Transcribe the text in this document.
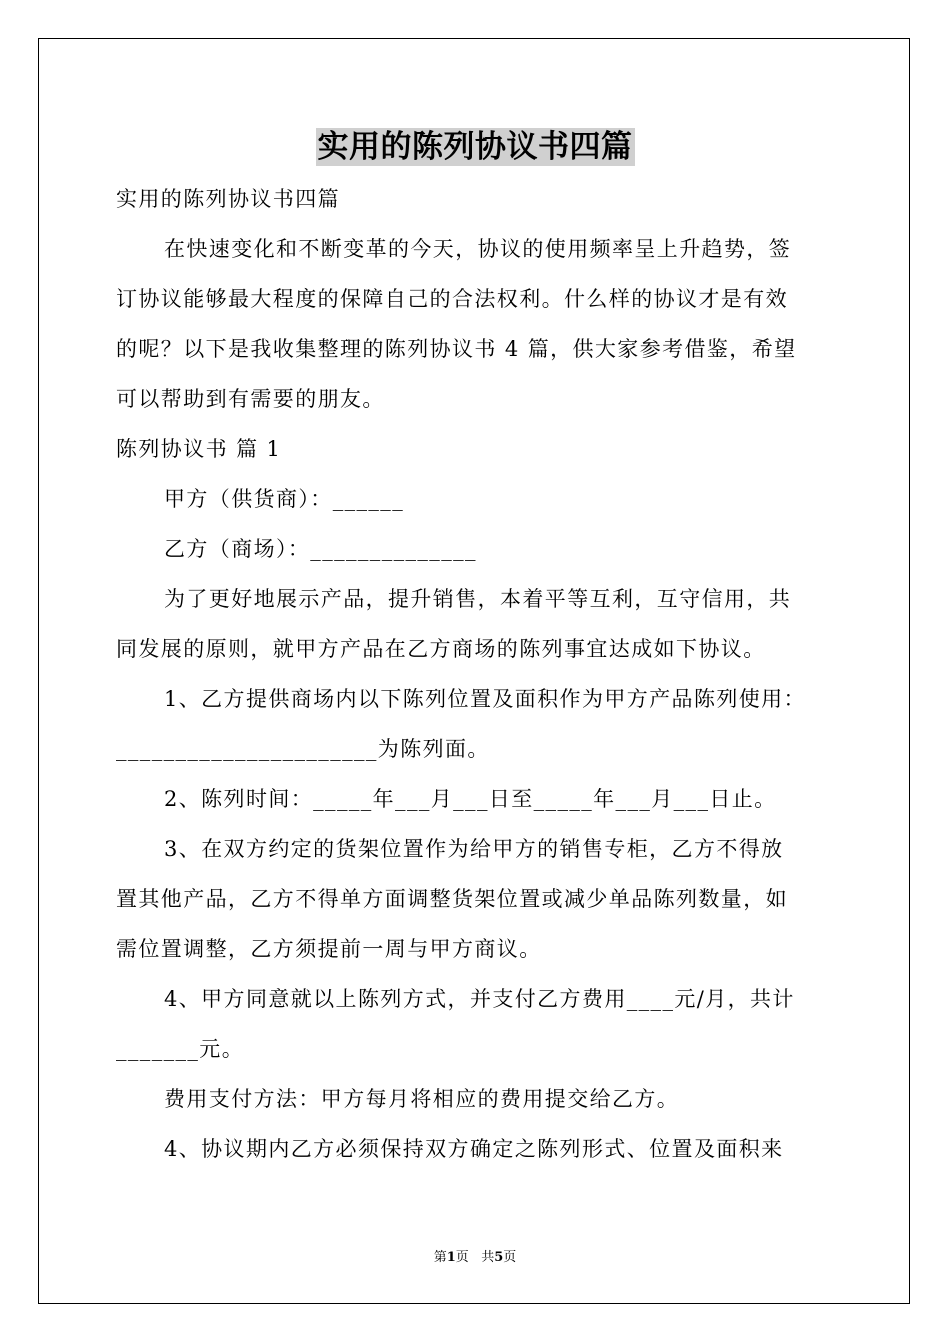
实用的陈列协议书四篇
实用的陈列协议书四篇
在快速变化和不断变革的今天，协议的使用频率呈上升趋势，签
订协议能够最大程度的保障自己的合法权利。什么样的协议才是有效
的呢？以下是我收集整理的陈列协议书 4 篇，供大家参考借鉴，希望
可以帮助到有需要的朋友。
陈列协议书 篇 1
甲方（供货商）：______
乙方（商场）：______________
为了更好地展示产品，提升销售，本着平等互利，互守信用，共
同发展的原则，就甲方产品在乙方商场的陈列事宜达成如下协议。
1、乙方提供商场内以下陈列位置及面积作为甲方产品陈列使用：
______________________为陈列面。
2、陈列时间：_____年___月___日至_____年___月___日止。
3、在双方约定的货架位置作为给甲方的销售专柜，乙方不得放
置其他产品，乙方不得单方面调整货架位置或减少单品陈列数量，如
需位置调整，乙方须提前一周与甲方商议。
4、甲方同意就以上陈列方式，并支付乙方费用____元/月，共计
_______元。
费用支付方法：甲方每月将相应的费用提交给乙方。
4、协议期内乙方必须保持双方确定之陈列形式、位置及面积来
第1页   共5页
